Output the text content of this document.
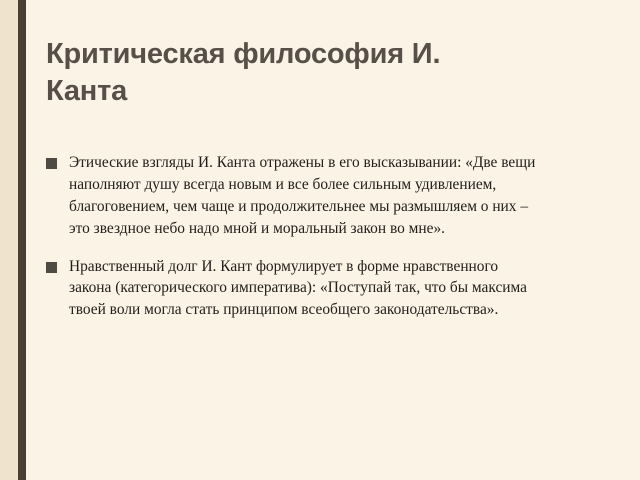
Критическая философия И. Канта
Этические взгляды И. Канта отражены в его высказывании: «Две вещи наполняют душу всегда новым и все более сильным удивлением, благоговением, чем чаще и продолжительнее мы размышляем о них – это звездное небо надо мной и моральный закон во мне».
Нравственный долг И. Кант формулирует в форме нравственного закона (категорического императива): «Поступай так, что бы максима твоей воли могла стать принципом всеобщего законодательства».
